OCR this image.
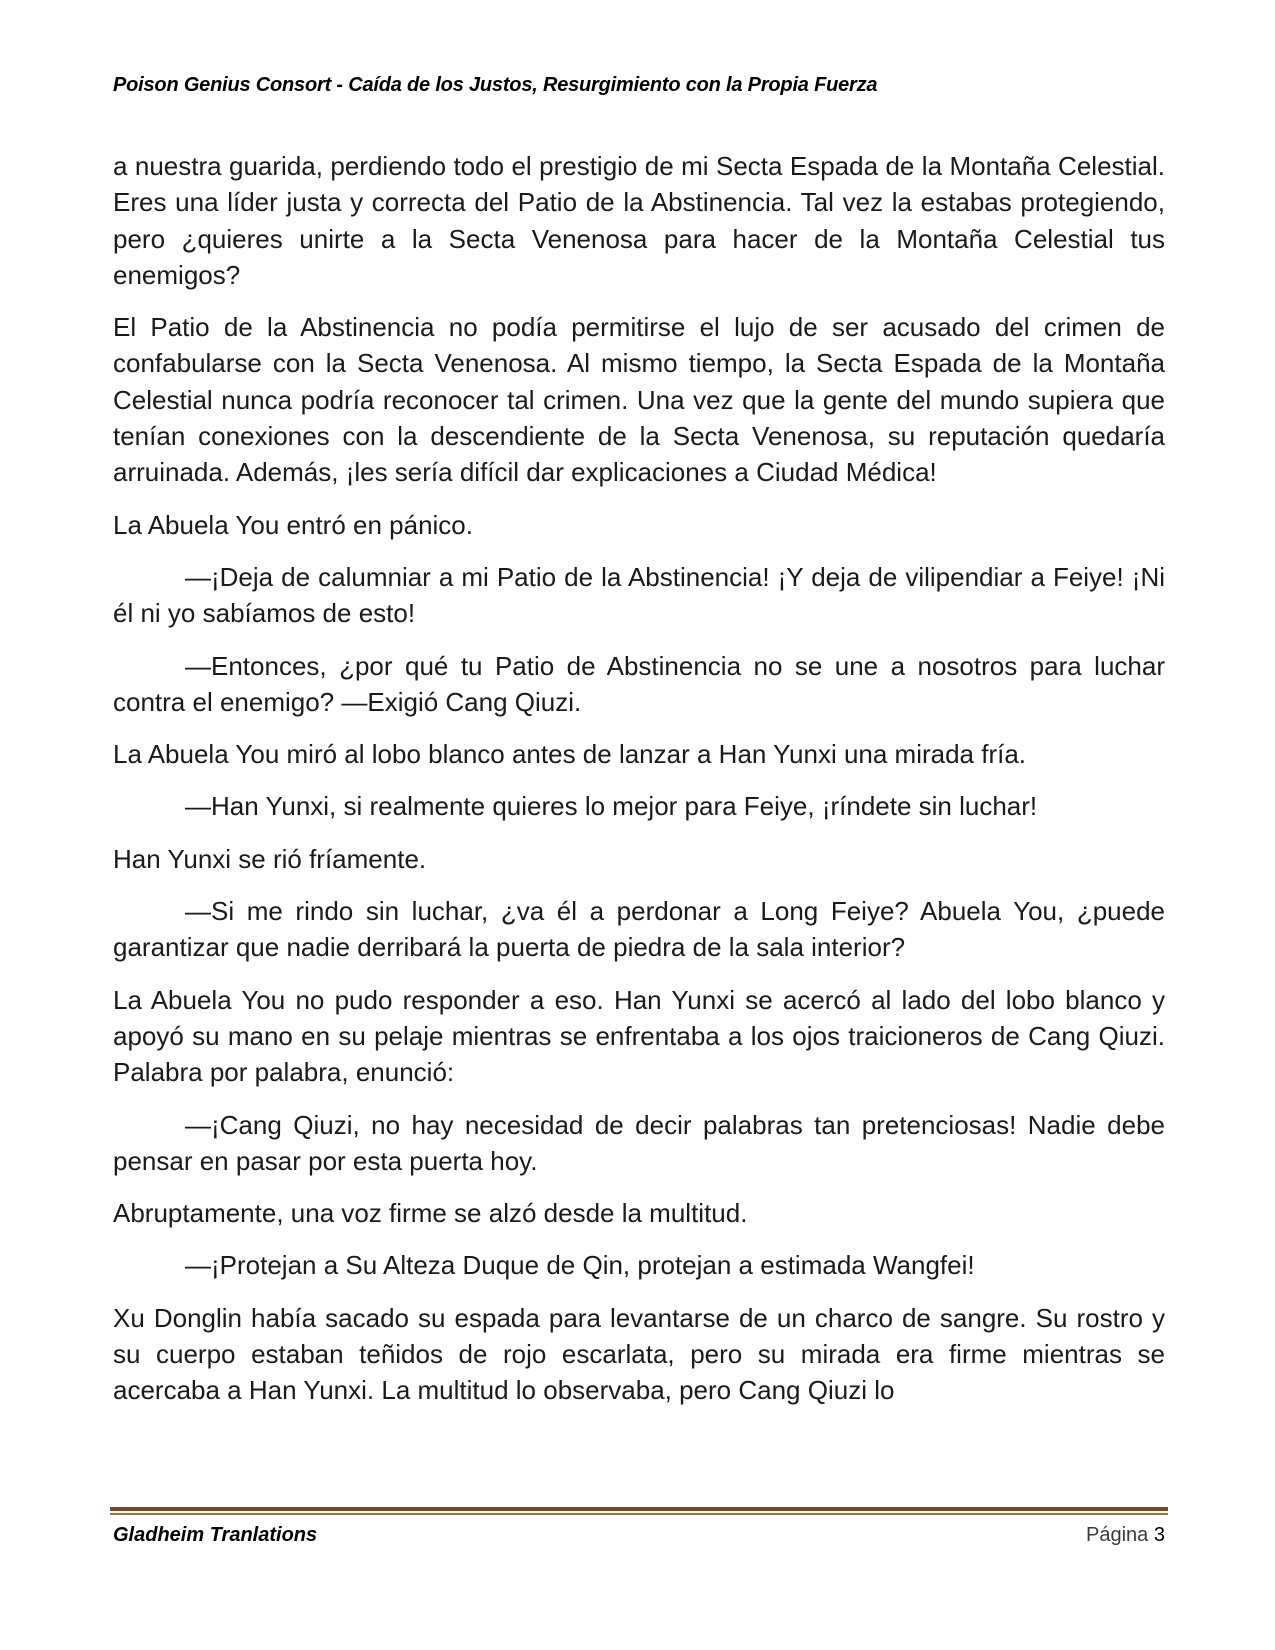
Poison Genius Consort - Caída de los Justos, Resurgimiento con la Propia Fuerza

a nuestra guarida, perdiendo todo el prestigio de mi Secta Espada de la Montaña Celestial. Eres una líder justa y correcta del Patio de la Abstinencia. Tal vez la estabas protegiendo, pero ¿quieres unirte a la Secta Venenosa para hacer de la Montaña Celestial tus enemigos?

El Patio de la Abstinencia no podía permitirse el lujo de ser acusado del crimen de confabularse con la Secta Venenosa. Al mismo tiempo, la Secta Espada de la Montaña Celestial nunca podría reconocer tal crimen. Una vez que la gente del mundo supiera que tenían conexiones con la descendiente de la Secta Venenosa, su reputación quedaría arruinada. Además, ¡les sería difícil dar explicaciones a Ciudad Médica!

La Abuela You entró en pánico.

—¡Deja de calumniar a mi Patio de la Abstinencia! ¡Y deja de vilipendiar a Feiye! ¡Ni él ni yo sabíamos de esto!

—Entonces, ¿por qué tu Patio de Abstinencia no se une a nosotros para luchar contra el enemigo? —Exigió Cang Qiuzi.

La Abuela You miró al lobo blanco antes de lanzar a Han Yunxi una mirada fría.

—Han Yunxi, si realmente quieres lo mejor para Feiye, ¡ríndete sin luchar!

Han Yunxi se rió fríamente.

—Si me rindo sin luchar, ¿va él a perdonar a Long Feiye? Abuela You, ¿puede garantizar que nadie derribará la puerta de piedra de la sala interior?

La Abuela You no pudo responder a eso. Han Yunxi se acercó al lado del lobo blanco y apoyó su mano en su pelaje mientras se enfrentaba a los ojos traicioneros de Cang Qiuzi. Palabra por palabra, enunció:

—¡Cang Qiuzi, no hay necesidad de decir palabras tan pretenciosas! Nadie debe pensar en pasar por esta puerta hoy.

Abruptamente, una voz firme se alzó desde la multitud.

—¡Protejan a Su Alteza Duque de Qin, protejan a estimada Wangfei!

Xu Donglin había sacado su espada para levantarse de un charco de sangre. Su rostro y su cuerpo estaban teñidos de rojo escarlata, pero su mirada era firme mientras se acercaba a Han Yunxi. La multitud lo observaba, pero Cang Qiuzi lo

Gladheim Tranlations	Página 3
